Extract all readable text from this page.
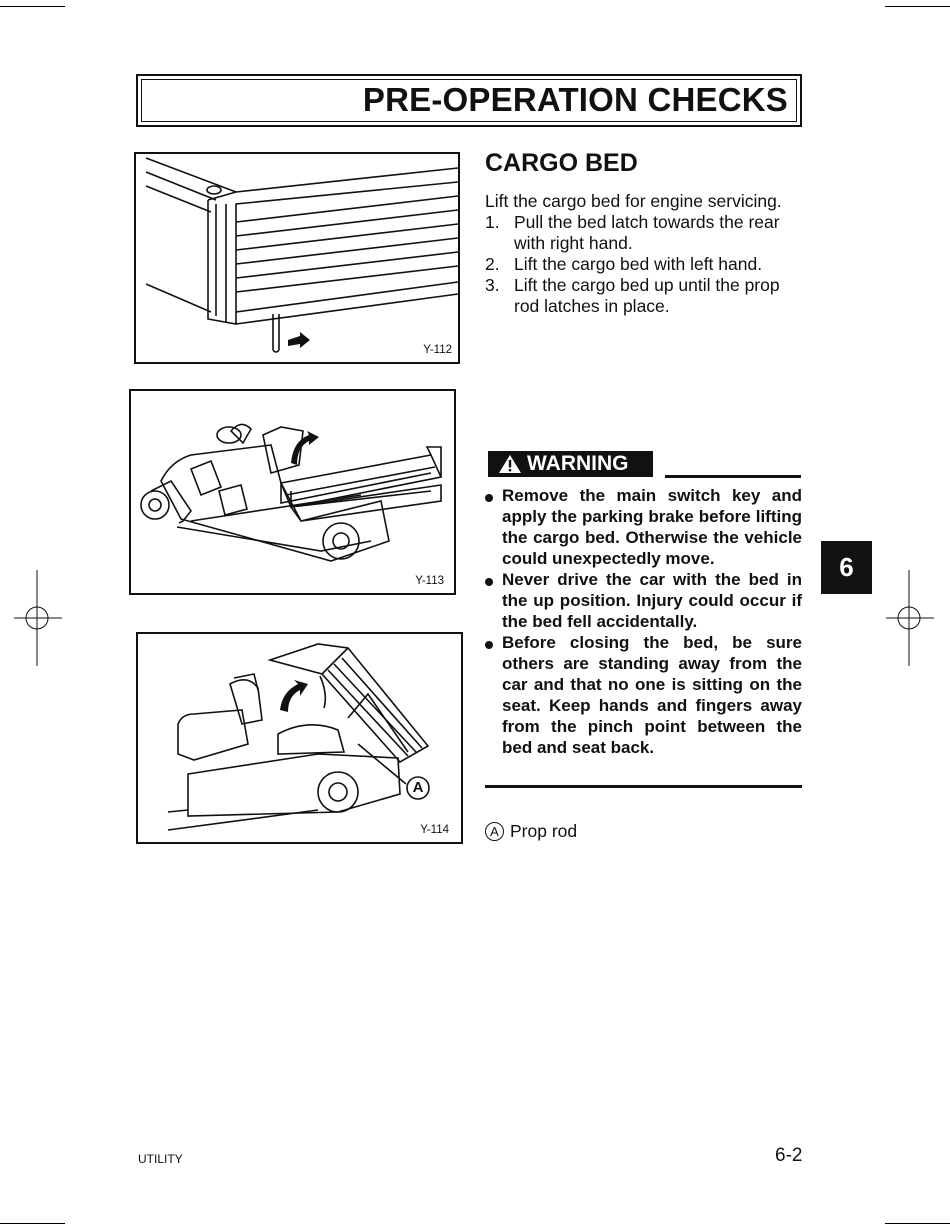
PRE-OPERATION CHECKS
Y-112
Y-113
A
Y-114
CARGO BED
Lift the cargo bed for engine servicing.
1. Pull the bed latch towards the rear with right hand.
2. Lift the cargo bed with left hand.
3. Lift the cargo bed up until the prop rod latches in place.
WARNING
Remove the main switch key and apply the parking brake before lifting the cargo bed. Otherwise the vehicle could unexpectedly move.
Never drive the car with the bed in the up position. Injury could occur if the bed fell accidentally.
Before closing the bed, be sure others are standing away from the car and that no one is sitting on the seat. Keep hands and fingers away from the pinch point between the bed and seat back.
A Prop rod
6
UTILITY	6-2
